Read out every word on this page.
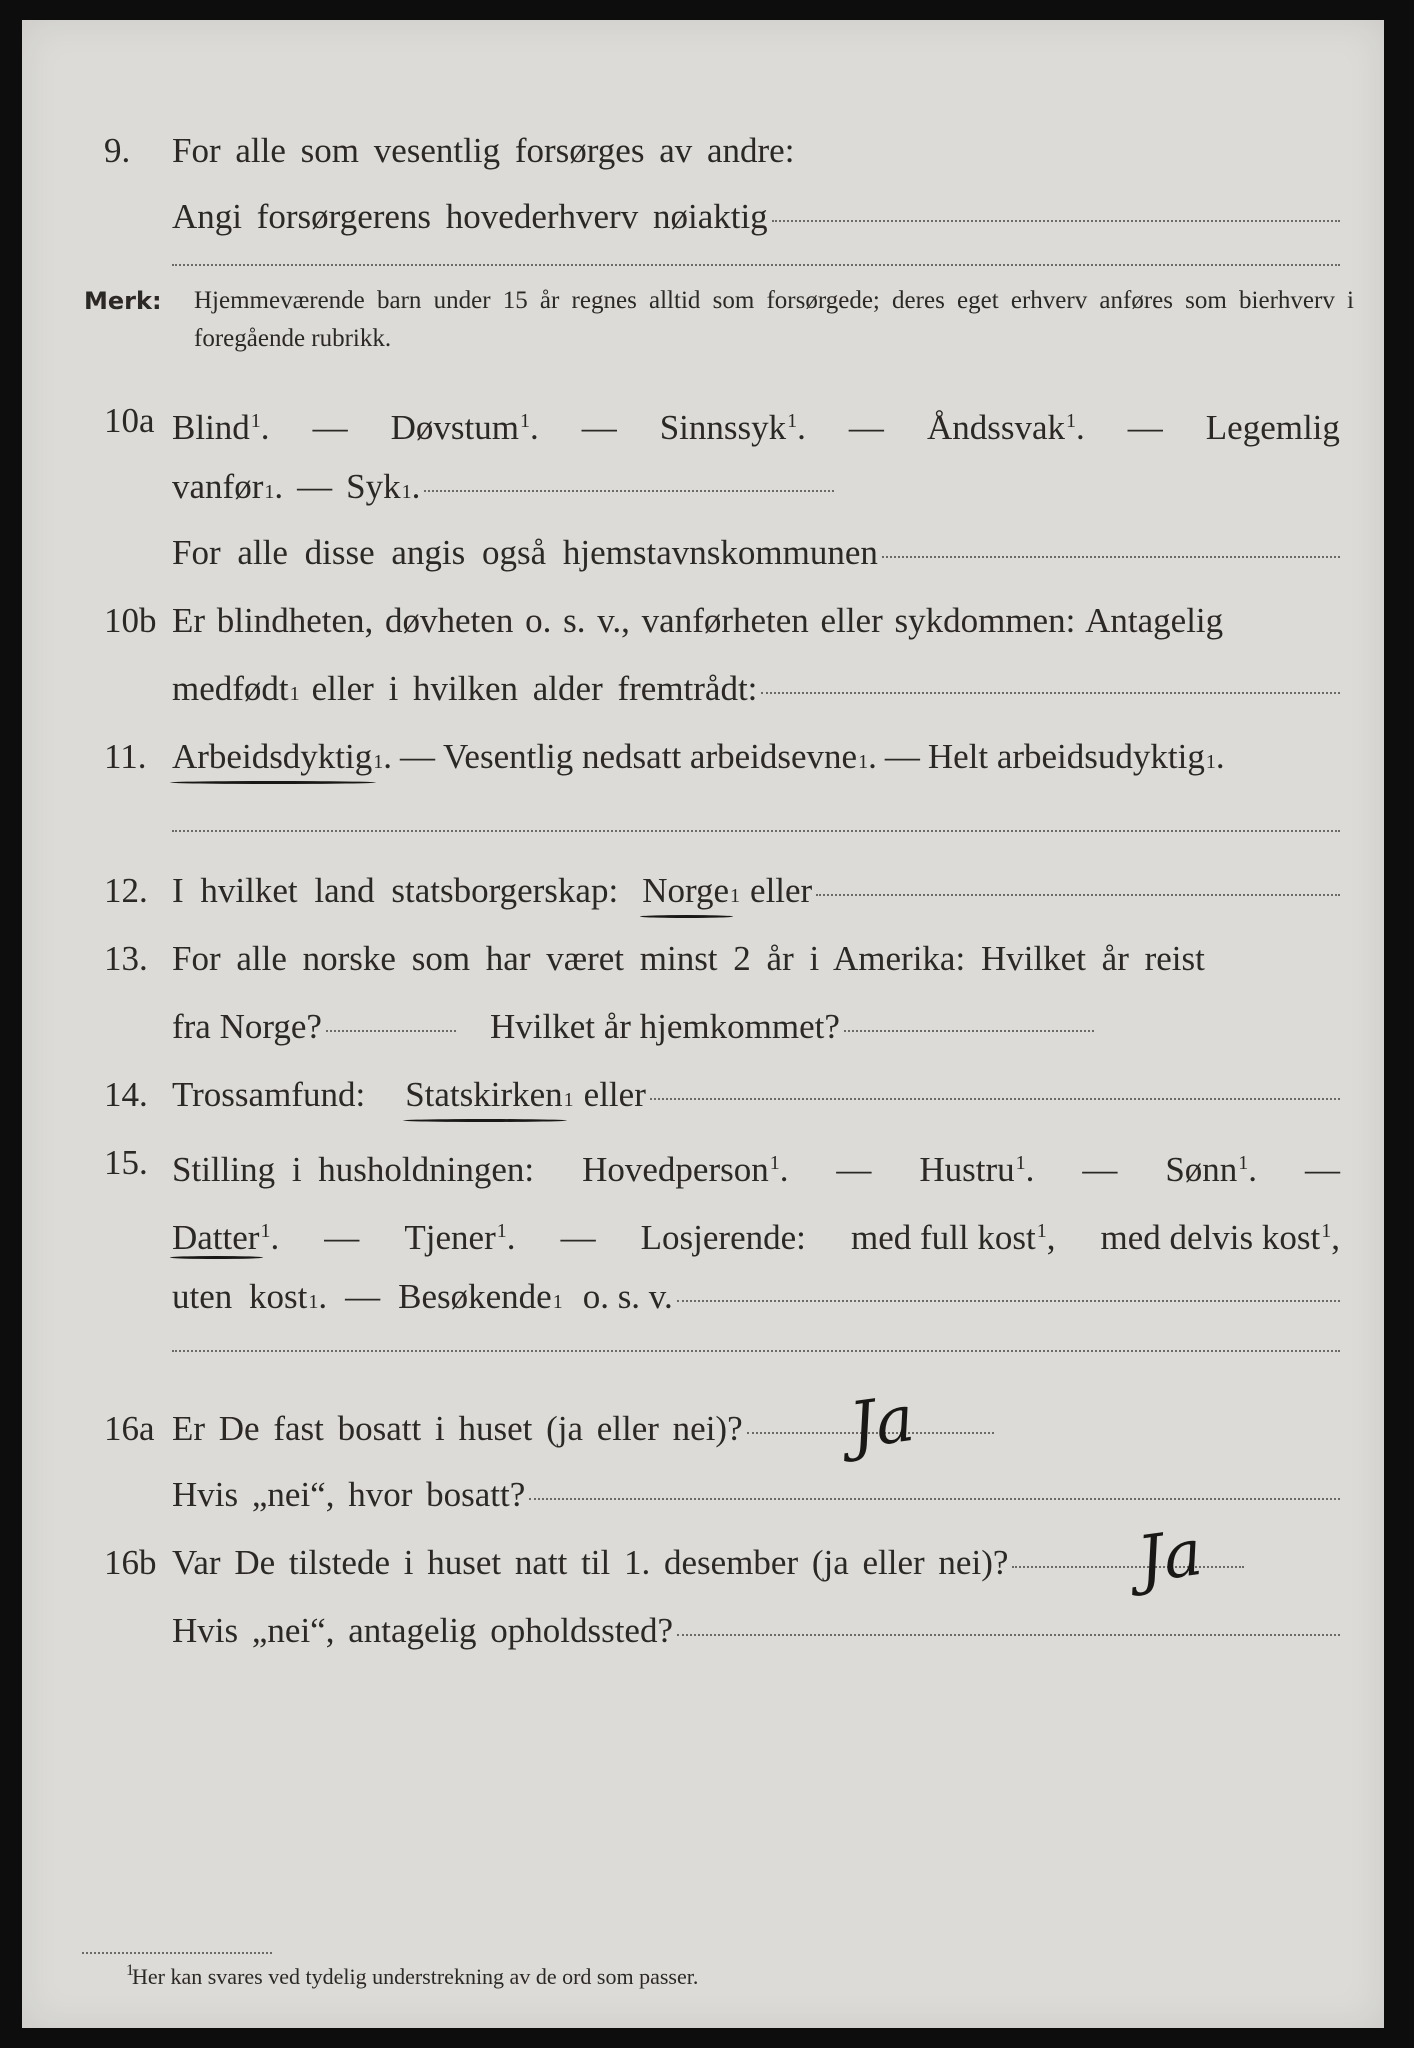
9. For alle som vesentlig forsørges av andre:
Angi forsørgerens hovederhverv nøiaktig
Merk: Hjemmeværende barn under 15 år regnes alltid som forsørgede; deres eget erhverv anføres som bierhverv i foregående rubrikk.
10a Blind$^1$. — Døvstum$^1$. — Sinnssyk$^1$. — Åndssvak$^1$. — Legemlig
vanfør 1 . — Syk 1 .
For alle disse angis også hjemstavnskommunen
10b Er blindheten, døvheten o. s. v., vanførheten eller sykdommen: Antagelig
medfødt 1 eller i hvilken alder fremtrådt:
11. Arbeidsdyktig 1 . — Vesentlig nedsatt arbeidsevne 1 . — Helt arbeidsudyktig 1 .
12. I hvilket land statsborgerskap: Norge 1 eller
13. For alle norske som har været minst 2 år i Amerika: Hvilket år reist
fra Norge?	Hvilket år hjemkommet?
14. Trossamfund: Statskirken 1 eller
15. Stilling i husholdningen: Hovedperson$^1$. — Hustru$^1$. — Sønn$^1$. —
Datter$^1$. — Tjener$^1$. — Losjerende: med full kost$^1$, med delvis kost$^1$,
uten kost 1 . — Besøkende 1 o. s. v.
16a Er De fast bosatt i huset (ja eller nei)? Ja
Hvis „nei“, hvor bosatt?
16b Var De tilstede i huset natt til 1. desember (ja eller nei)? Ja
Hvis „nei“, antagelig opholdssted?
1
Her kan svares ved tydelig understrekning av de ord som passer.
